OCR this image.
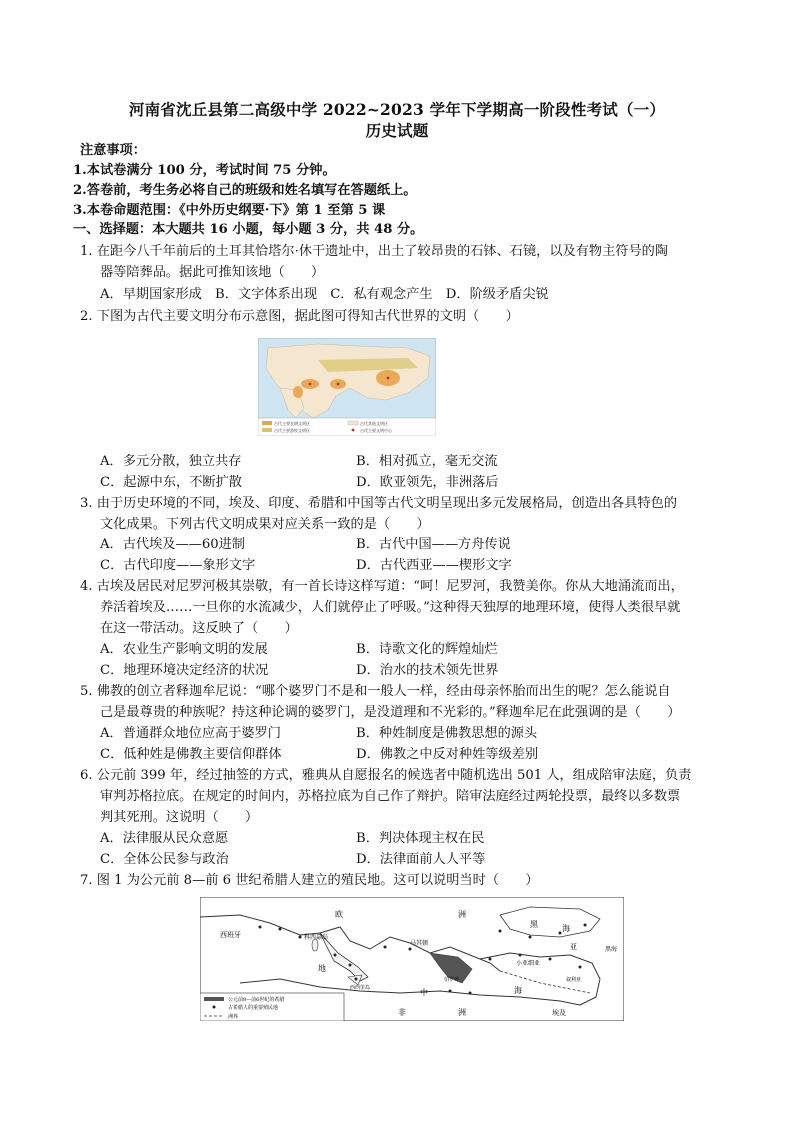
河南省沈丘县第二高级中学 2022~2023 学年下学期高一阶段性考试（一）
历史试题
注意事项：
1.本试卷满分 100 分，考试时间 75 分钟。
2.答卷前，考生务必将自己的班级和姓名填写在答题纸上。
3.本卷命题范围：《中外历史纲要·下》第 1 至第 5 课
一、选择题：本大题共 16 小题，每小题 3 分，共 48 分。
1. 在距今八千年前后的土耳其恰塔尔·休干遗址中，出土了较昂贵的石钵、石镜，以及有物主符号的陶
器等陪葬品。据此可推知该地（　　）
A．早期国家形成　B．文字体系出现　C．私有观念产生　D．阶级矛盾尖锐
2. 下图为古代主要文明分布示意图，据此图可得知古代世界的文明（　　）
古代主要农耕文明区
古代主要游牧文明区
古代其他文明区
古代主要文明中心
A．多元分散，独立共存	B．相对孤立，毫无交流
C．起源中东，不断扩散	D．欧亚领先，非洲落后
3. 由于历史环境的不同，埃及、印度、希腊和中国等古代文明呈现出多元发展格局，创造出各具特色的
文化成果。下列古代文明成果对应关系一致的是（　　）
A．古代埃及——60进制	B．古代中国——方舟传说
C．古代印度——象形文字	D．古代西亚——楔形文字
4. 古埃及居民对尼罗河极其崇敬，有一首长诗这样写道：“呵！尼罗河，我赞美你。你从大地涌流而出，
养活着埃及……一旦你的水流减少，人们就停止了呼吸。”这种得天独厚的地理环境，使得人类很早就
在这一带活动。这反映了（　　）
A．农业生产影响文明的发展	B．诗歌文化的辉煌灿烂
C．地理环境决定经济的状况	D．治水的技术领先世界
5. 佛教的创立者释迦牟尼说：“哪个婆罗门不是和一般人一样，经由母亲怀胎而出生的呢？怎么能说自
己是最尊贵的种族呢？持这种论调的婆罗门，是没道理和不光彩的。”释迦牟尼在此强调的是（　　）
A．普通群众地位应高于婆罗门	B．种姓制度是佛教思想的源头
C．低种姓是佛教主要信仰群体	D．佛教之中反对种姓等级差别
6. 公元前 399 年，经过抽签的方式，雅典从自愿报名的候选者中随机选出 501 人，组成陪审法庭，负责
审判苏格拉底。在规定的时间内，苏格拉底为自己作了辩护。陪审法庭经过两轮投票，最终以多数票
判其死刑。这说明（　　）
A．法律服从民众意愿	B．判决体现主权在民
C．全体公民参与政治	D．法律面前人人平等
7. 图 1 为公元前 8—前 6 世纪希腊人建立的殖民地。这可以说明当时（　　）
欧	洲
黑	海
亚
西班牙	科西嘉岛
地
马其顿
小亚细亚
西西里岛
伯罗奔
中
非	洲	埃及
海
黑海
叙利亚
公元前8—前6世纪的希腊
古希腊人的重要殖民地
洲界
